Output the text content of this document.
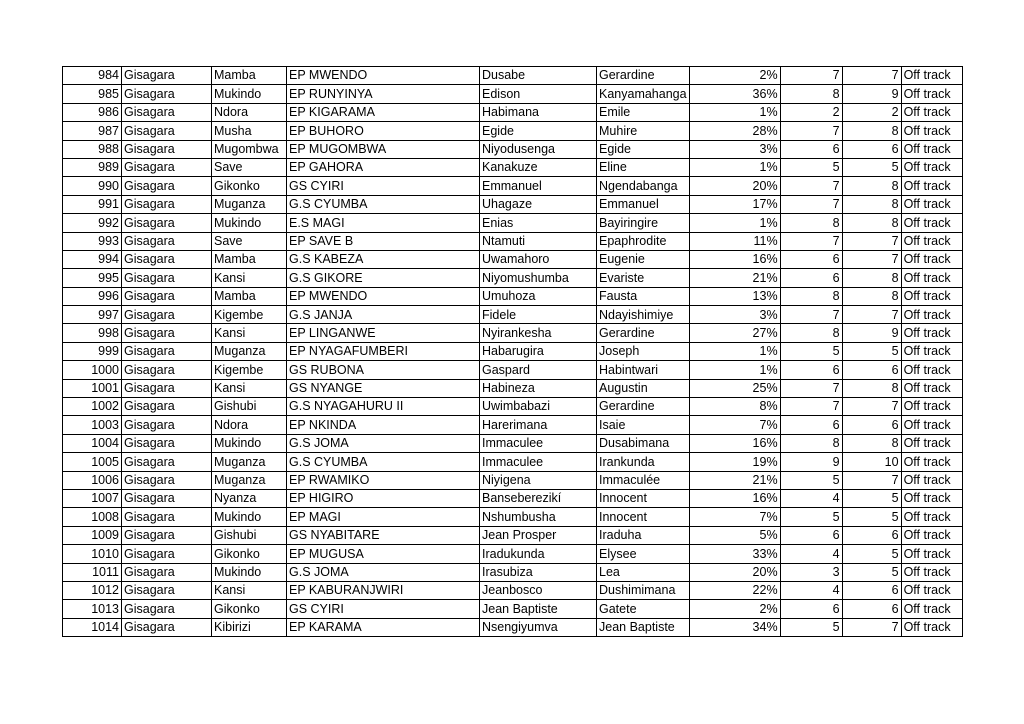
984	Gisagara	Mamba	EP MWENDO	Dusabe	Gerardine	2%	7	7	Off track
985	Gisagara	Mukindo	EP RUNYINYA	Edison	Kanyamahanga	36%	8	9	Off track
986	Gisagara	Ndora	EP KIGARAMA	Habimana	Emile	1%	2	2	Off track
987	Gisagara	Musha	EP BUHORO	Egide	Muhire	28%	7	8	Off track
988	Gisagara	Mugombwa	EP MUGOMBWA	Niyodusenga	Egide	3%	6	6	Off track
989	Gisagara	Save	EP GAHORA	Kanakuze	Eline	1%	5	5	Off track
990	Gisagara	Gikonko	GS CYIRI	Emmanuel	Ngendabanga	20%	7	8	Off track
991	Gisagara	Muganza	G.S CYUMBA	Uhagaze	Emmanuel	17%	7	8	Off track
992	Gisagara	Mukindo	E.S MAGI	Enias	Bayiringire	1%	8	8	Off track
993	Gisagara	Save	EP SAVE B	Ntamuti	Epaphrodite	11%	7	7	Off track
994	Gisagara	Mamba	G.S KABEZA	Uwamahoro	Eugenie	16%	6	7	Off track
995	Gisagara	Kansi	G.S GIKORE	Niyomushumba	Evariste	21%	6	8	Off track
996	Gisagara	Mamba	EP MWENDO	Umuhoza	Fausta	13%	8	8	Off track
997	Gisagara	Kigembe	G.S JANJA	Fidele	Ndayishimiye	3%	7	7	Off track
998	Gisagara	Kansi	EP LINGANWE	Nyirankesha	Gerardine	27%	8	9	Off track
999	Gisagara	Muganza	EP NYAGAFUMBERI	Habarugira	Joseph	1%	5	5	Off track
1000	Gisagara	Kigembe	GS RUBONA	Gaspard	Habintwari	1%	6	6	Off track
1001	Gisagara	Kansi	GS NYANGE	Habineza	Augustin	25%	7	8	Off track
1002	Gisagara	Gishubi	G.S NYAGAHURU II	Uwimbabazi	Gerardine	8%	7	7	Off track
1003	Gisagara	Ndora	EP NKINDA	Harerimana	Isaie	7%	6	6	Off track
1004	Gisagara	Mukindo	G.S JOMA	Immaculee	Dusabimana	16%	8	8	Off track
1005	Gisagara	Muganza	G.S CYUMBA	Immaculee	Irankunda	19%	9	10	Off track
1006	Gisagara	Muganza	EP RWAMIKO	Niyigena	Immaculée	21%	5	7	Off track
1007	Gisagara	Nyanza	EP HIGIRO	Banseberezikí	Innocent	16%	4	5	Off track
1008	Gisagara	Mukindo	EP MAGI	Nshumbusha	Innocent	7%	5	5	Off track
1009	Gisagara	Gishubi	GS NYABITARE	Jean Prosper	Iraduha	5%	6	6	Off track
1010	Gisagara	Gikonko	EP MUGUSA	Iradukunda	Elysee	33%	4	5	Off track
1011	Gisagara	Mukindo	G.S JOMA	Irasubiza	Lea	20%	3	5	Off track
1012	Gisagara	Kansi	EP KABURANJWIRI	Jeanbosco	Dushimimana	22%	4	6	Off track
1013	Gisagara	Gikonko	GS CYIRI	Jean Baptiste	Gatete	2%	6	6	Off track
1014	Gisagara	Kibirizi	EP KARAMA	Nsengiyumva	Jean Baptiste	34%	5	7	Off track
